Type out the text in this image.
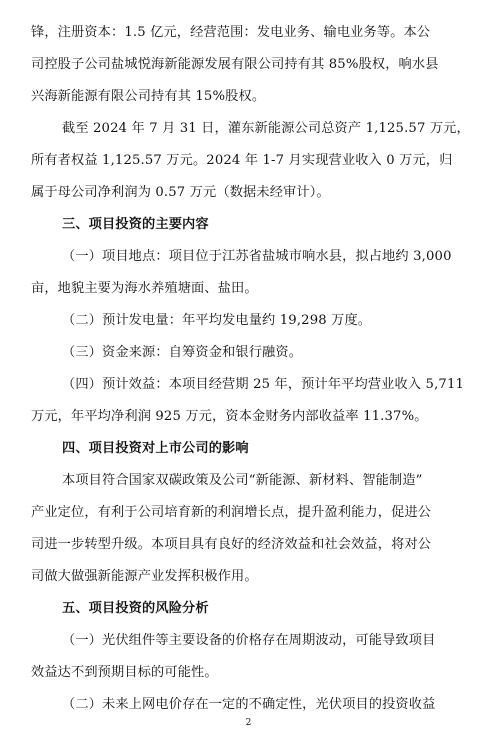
锋，注册资本：1.5 亿元，经营范围：发电业务、输电业务等。本公
司控股子公司盐城悦海新能源发展有限公司持有其 85%股权，响水县
兴海新能源有限公司持有其 15%股权。
截至 2024 年 7 月 31 日，灌东新能源公司总资产 1,125.57 万元，
所有者权益 1,125.57 万元。2024 年 1-7 月实现营业收入 0 万元，归
属于母公司净利润为 0.57 万元（数据未经审计）。
三、项目投资的主要内容
（一）项目地点：项目位于江苏省盐城市响水县，拟占地约 3,000
亩，地貌主要为海水养殖塘面、盐田。
（二）预计发电量：年平均发电量约 19,298 万度。
（三）资金来源：自筹资金和银行融资。
（四）预计效益：本项目经营期 25 年，预计年平均营业收入 5,711
万元，年平均净利润 925 万元，资本金财务内部收益率 11.37%。
四、项目投资对上市公司的影响
本项目符合国家双碳政策及公司“新能源、新材料、智能制造”
产业定位，有利于公司培育新的利润增长点，提升盈利能力，促进公
司进一步转型升级。本项目具有良好的经济效益和社会效益，将对公
司做大做强新能源产业发挥积极作用。
五、项目投资的风险分析
（一）光伏组件等主要设备的价格存在周期波动，可能导致项目
效益达不到预期目标的可能性。
（二）未来上网电价存在一定的不确定性，光伏项目的投资收益
2
